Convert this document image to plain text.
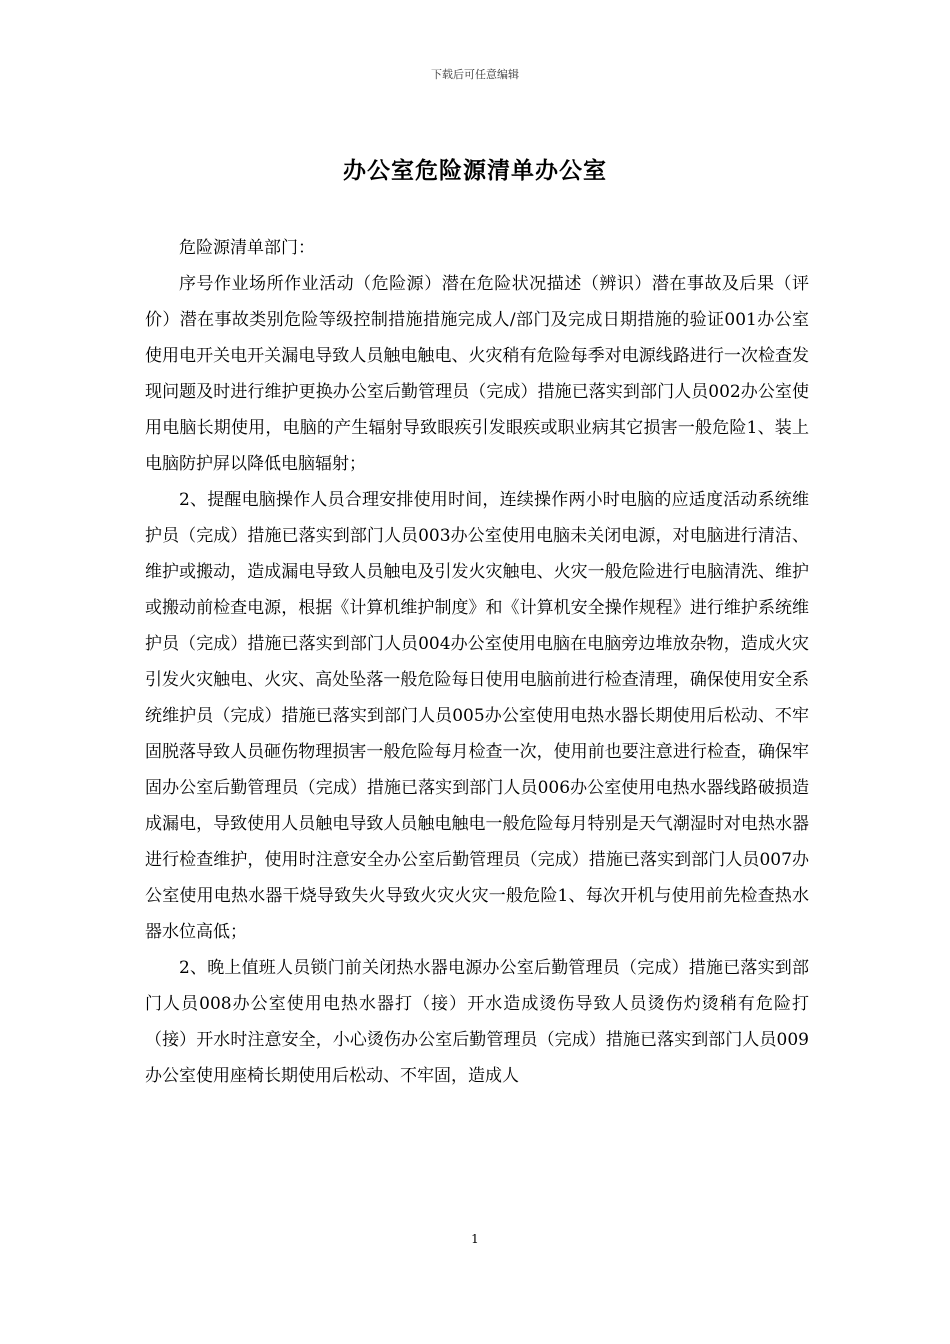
下载后可任意编辑
办公室危险源清单办公室

危险源清单部门：

序号作业场所作业活动（危险源）潜在危险状况描述（辨识）潜在事故及后果（评价）潜在事故类别危险等级控制措施措施完成人/部门及完成日期措施的验证001办公室使用电开关电开关漏电导致人员触电触电、火灾稍有危险每季对电源线路进行一次检查发现问题及时进行维护更换办公室后勤管理员（完成）措施已落实到部门人员002办公室使用电脑长期使用，电脑的产生辐射导致眼疾引发眼疾或职业病其它损害一般危险1、装上电脑防护屏以降低电脑辐射；

2、提醒电脑操作人员合理安排使用时间，连续操作两小时电脑的应适度活动系统维护员（完成）措施已落实到部门人员003办公室使用电脑未关闭电源，对电脑进行清洁、维护或搬动，造成漏电导致人员触电及引发火灾触电、火灾一般危险进行电脑清洗、维护或搬动前检查电源，根据《计算机维护制度》和《计算机安全操作规程》进行维护系统维护员（完成）措施已落实到部门人员004办公室使用电脑在电脑旁边堆放杂物，造成火灾引发火灾触电、火灾、高处坠落一般危险每日使用电脑前进行检查清理，确保使用安全系统维护员（完成）措施已落实到部门人员005办公室使用电热水器长期使用后松动、不牢固脱落导致人员砸伤物理损害一般危险每月检查一次，使用前也要注意进行检查，确保牢固办公室后勤管理员（完成）措施已落实到部门人员006办公室使用电热水器线路破损造成漏电，导致使用人员触电导致人员触电触电一般危险每月特别是天气潮湿时对电热水器进行检查维护，使用时注意安全办公室后勤管理员（完成）措施已落实到部门人员007办公室使用电热水器干烧导致失火导致火灾火灾一般危险1、每次开机与使用前先检查热水器水位高低；

2、晚上值班人员锁门前关闭热水器电源办公室后勤管理员（完成）措施已落实到部门人员008办公室使用电热水器打（接）开水造成烫伤导致人员烫伤灼烫稍有危险打（接）开水时注意安全，小心烫伤办公室后勤管理员（完成）措施已落实到部门人员009办公室使用座椅长期使用后松动、不牢固，造成人

1
